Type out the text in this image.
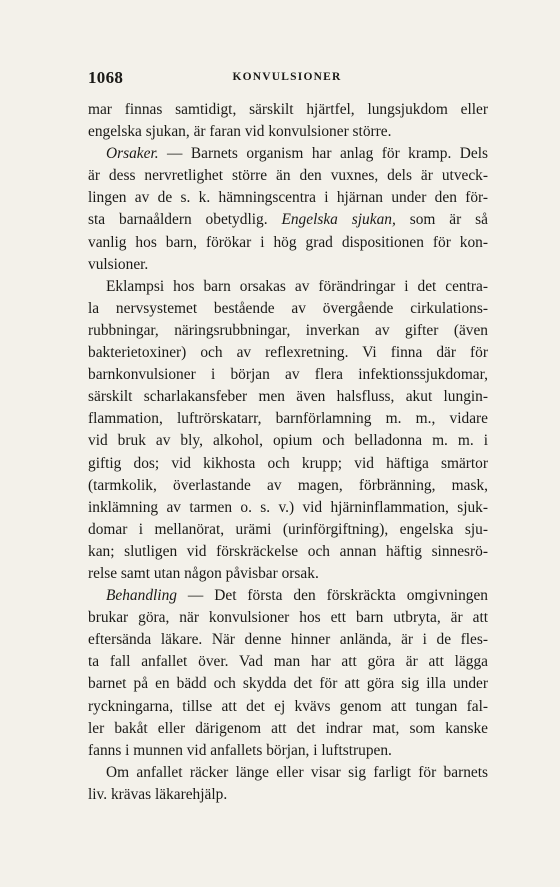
1068	KONVULSIONER
mar finnas samtidigt, särskilt hjärtfel, lungsjukdom eller
engelska sjukan, är faran vid konvulsioner större.
Orsaker. — Barnets organism har anlag för kramp. Dels
är dess nervretlighet större än den vuxnes, dels är utveck-
lingen av de s. k. hämningscentra i hjärnan under den för-
sta barnaåldern obetydlig. Engelska sjukan, som är så
vanlig hos barn, förökar i hög grad dispositionen för kon-
vulsioner.
Eklampsi hos barn orsakas av förändringar i det centra-
la nervsystemet bestående av övergående cirkulations-
rubbningar, näringsrubbningar, inverkan av gifter (även
bakterietoxiner) och av reflexretning. Vi finna där för
barnkonvulsioner i början av flera infektionssjukdomar,
särskilt scharlakansfeber men även halsfluss, akut lungin-
flammation, luftrörskatarr, barnförlamning m. m., vidare
vid bruk av bly, alkohol, opium och belladonna m. m. i
giftig dos; vid kikhosta och krupp; vid häftiga smärtor
(tarmkolik, överlastande av magen, förbränning, mask,
inklämning av tarmen o. s. v.) vid hjärninflammation, sjuk-
domar i mellanörat, urämi (urinförgiftning), engelska sju-
kan; slutligen vid förskräckelse och annan häftig sinnesrö-
relse samt utan någon påvisbar orsak.
Behandling — Det första den förskräckta omgivningen
brukar göra, när konvulsioner hos ett barn utbryta, är att
eftersända läkare. När denne hinner anlända, är i de fles-
ta fall anfallet över. Vad man har att göra är att lägga
barnet på en bädd och skydda det för att göra sig illa under
ryckningarna, tillse att det ej kvävs genom att tungan fal-
ler bakåt eller därigenom att det indrar mat, som kanske
fanns i munnen vid anfallets början, i luftstrupen.
Om anfallet räcker länge eller visar sig farligt för barnets
liv. krävas läkarehjälp.
